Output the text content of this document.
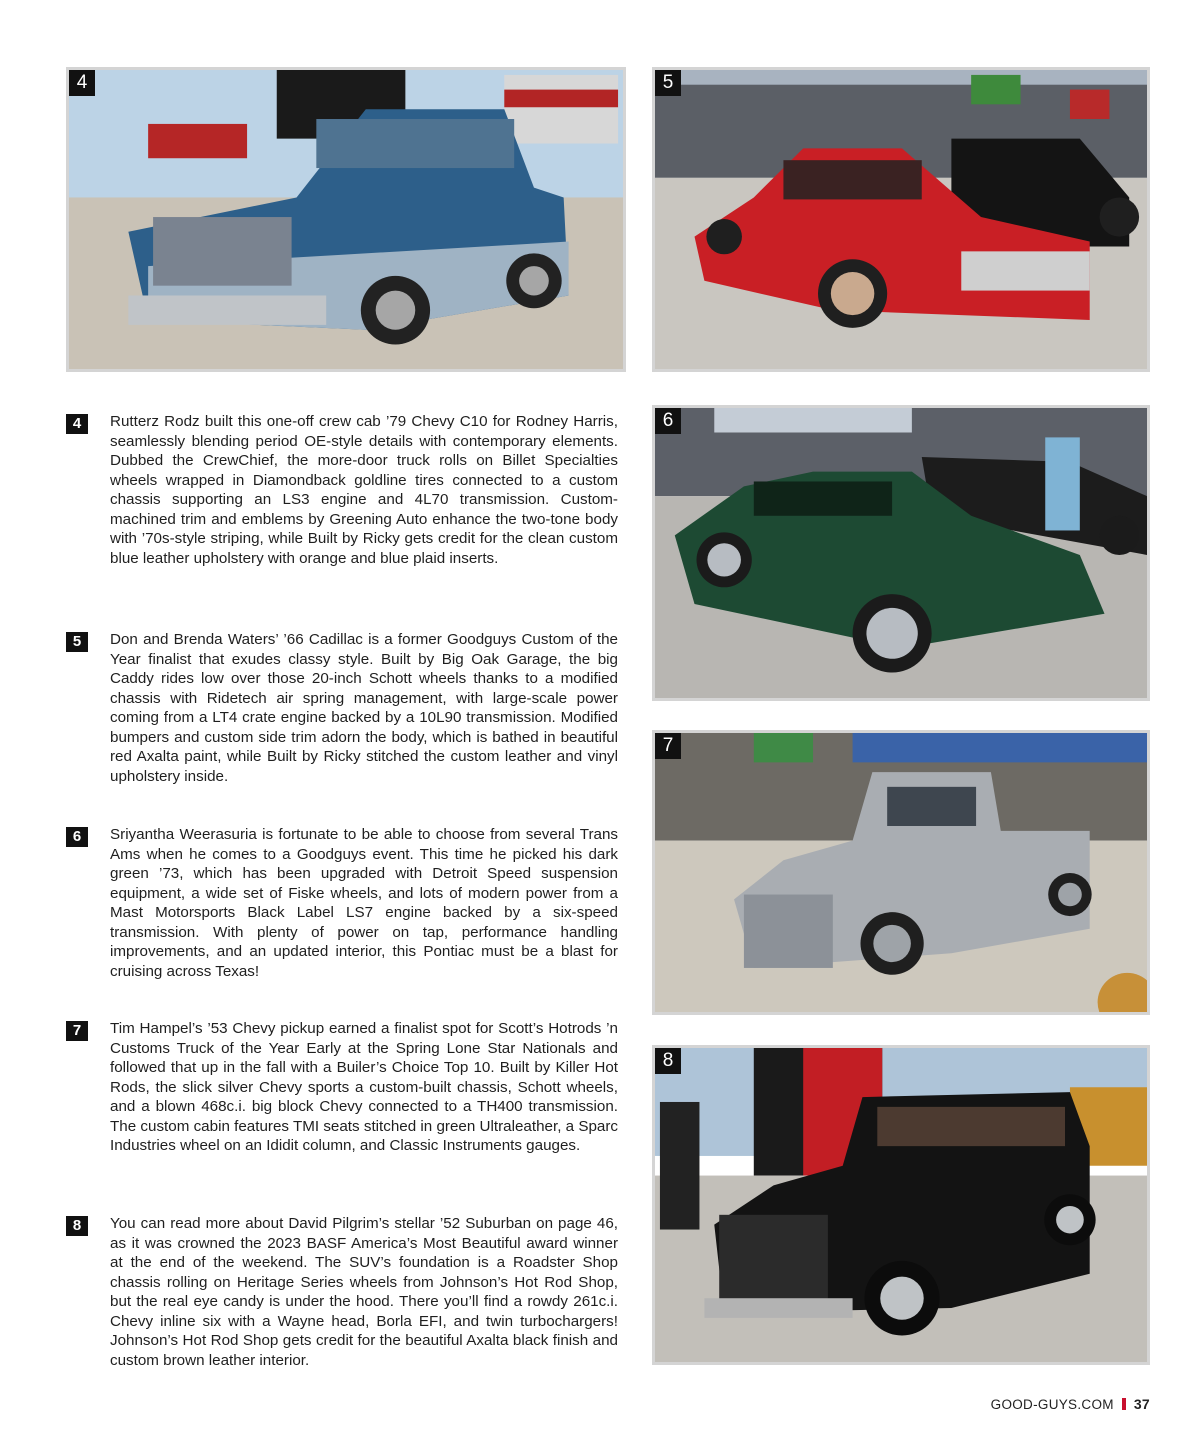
4	5
6
7
8
4	Rutterz Rodz built this one-off crew cab ’79 Chevy C10 for Rodney Harris, seamlessly blending period OE-style details with contemporary elements. Dubbed the CrewChief, the more-door truck rolls on Billet Specialties wheels wrapped in Diamondback goldline tires connected to a custom chassis supporting an LS3 engine and 4L70 transmission. Custom-machined trim and emblems by Greening Auto enhance the two-tone body with ’70s-style striping, while Built by Ricky gets credit for the clean custom blue leather upholstery with orange and blue plaid inserts.
5	Don and Brenda Waters’ ’66 Cadillac is a former Goodguys Custom of the Year finalist that exudes classy style. Built by Big Oak Garage, the big Caddy rides low over those 20-inch Schott wheels thanks to a modified chassis with Ridetech air spring management, with large-scale power coming from a LT4 crate engine backed by a 10L90 transmission. Modified bumpers and custom side trim adorn the body, which is bathed in beautiful red Axalta paint, while Built by Ricky stitched the custom leather and vinyl upholstery inside.
6	Sriyantha Weerasuria is fortunate to be able to choose from several Trans Ams when he comes to a Goodguys event. This time he picked his dark green ’73, which has been upgraded with Detroit Speed suspension equipment, a wide set of Fiske wheels, and lots of modern power from a Mast Motorsports Black Label LS7 engine backed by a six-speed transmission. With plenty of power on tap, performance handling improvements, and an updated interior, this Pontiac must be a blast for cruising across Texas!
7	Tim Hampel’s ’53 Chevy pickup earned a finalist spot for Scott’s Hotrods ’n Customs Truck of the Year Early at the Spring Lone Star Nationals and followed that up in the fall with a Builer’s Choice Top 10. Built by Killer Hot Rods, the slick silver Chevy sports a custom-built chassis, Schott wheels, and a blown 468c.i. big block Chevy connected to a TH400 transmission. The custom cabin features TMI seats stitched in green Ultraleather, a Sparc Industries wheel on an Ididit column, and Classic Instruments gauges.
8	You can read more about David Pilgrim’s stellar ’52 Suburban on page 46, as it was crowned the 2023 BASF America’s Most Beautiful award winner at the end of the weekend. The SUV’s foundation is a Roadster Shop chassis rolling on Heritage Series wheels from Johnson’s Hot Rod Shop, but the real eye candy is under the hood. There you’ll find a rowdy 261c.i. Chevy inline six with a Wayne head, Borla EFI, and twin turbochargers! Johnson’s Hot Rod Shop gets credit for the beautiful Axalta black finish and custom brown leather interior.
GOOD-GUYS.COM 37
